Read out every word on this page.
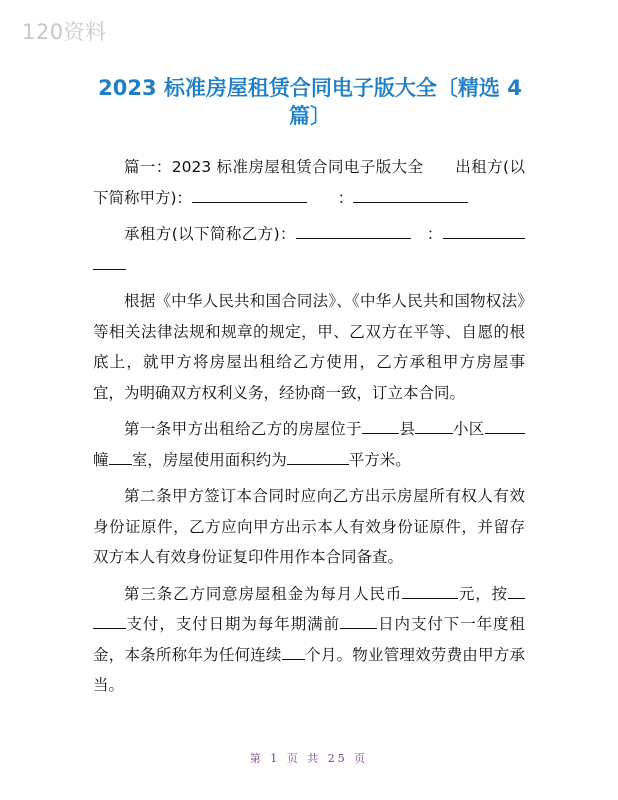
120资料
2023 标准房屋租赁合同电子版大全〔精选 4 篇〕

篇一：2023 标准房屋租赁合同电子版大全　　出租方(以下简称甲方)：　　	：

承租方(以下简称乙方)：　	：

根据《中华人民共和国合同法》、《中华人民共和国物权法》等相关法律法规和规章的规定，甲、乙双方在平等、自愿的根底上，就甲方将房屋出租给乙方使用，乙方承租甲方房屋事宜，为明确双方权利义务，经协商一致，订立本合同。

第一条甲方出租给乙方的房屋位于 县 小区幢 室，房屋使用面积约为	平方米。

第二条甲方签订本合同时应向乙方出示房屋所有权人有效身份证原件，乙方应向甲方出示本人有效身份证原件，并留存双方本人有效身份证复印件用作本合同备查。

第三条乙方同意房屋租金为每月人民币	元，按支付，支付日期为每年期满前 日内支付下一年度租金，本条所称年为任何连续 个月。物业管理效劳费由甲方承当。

第 1 页 共 25 页
